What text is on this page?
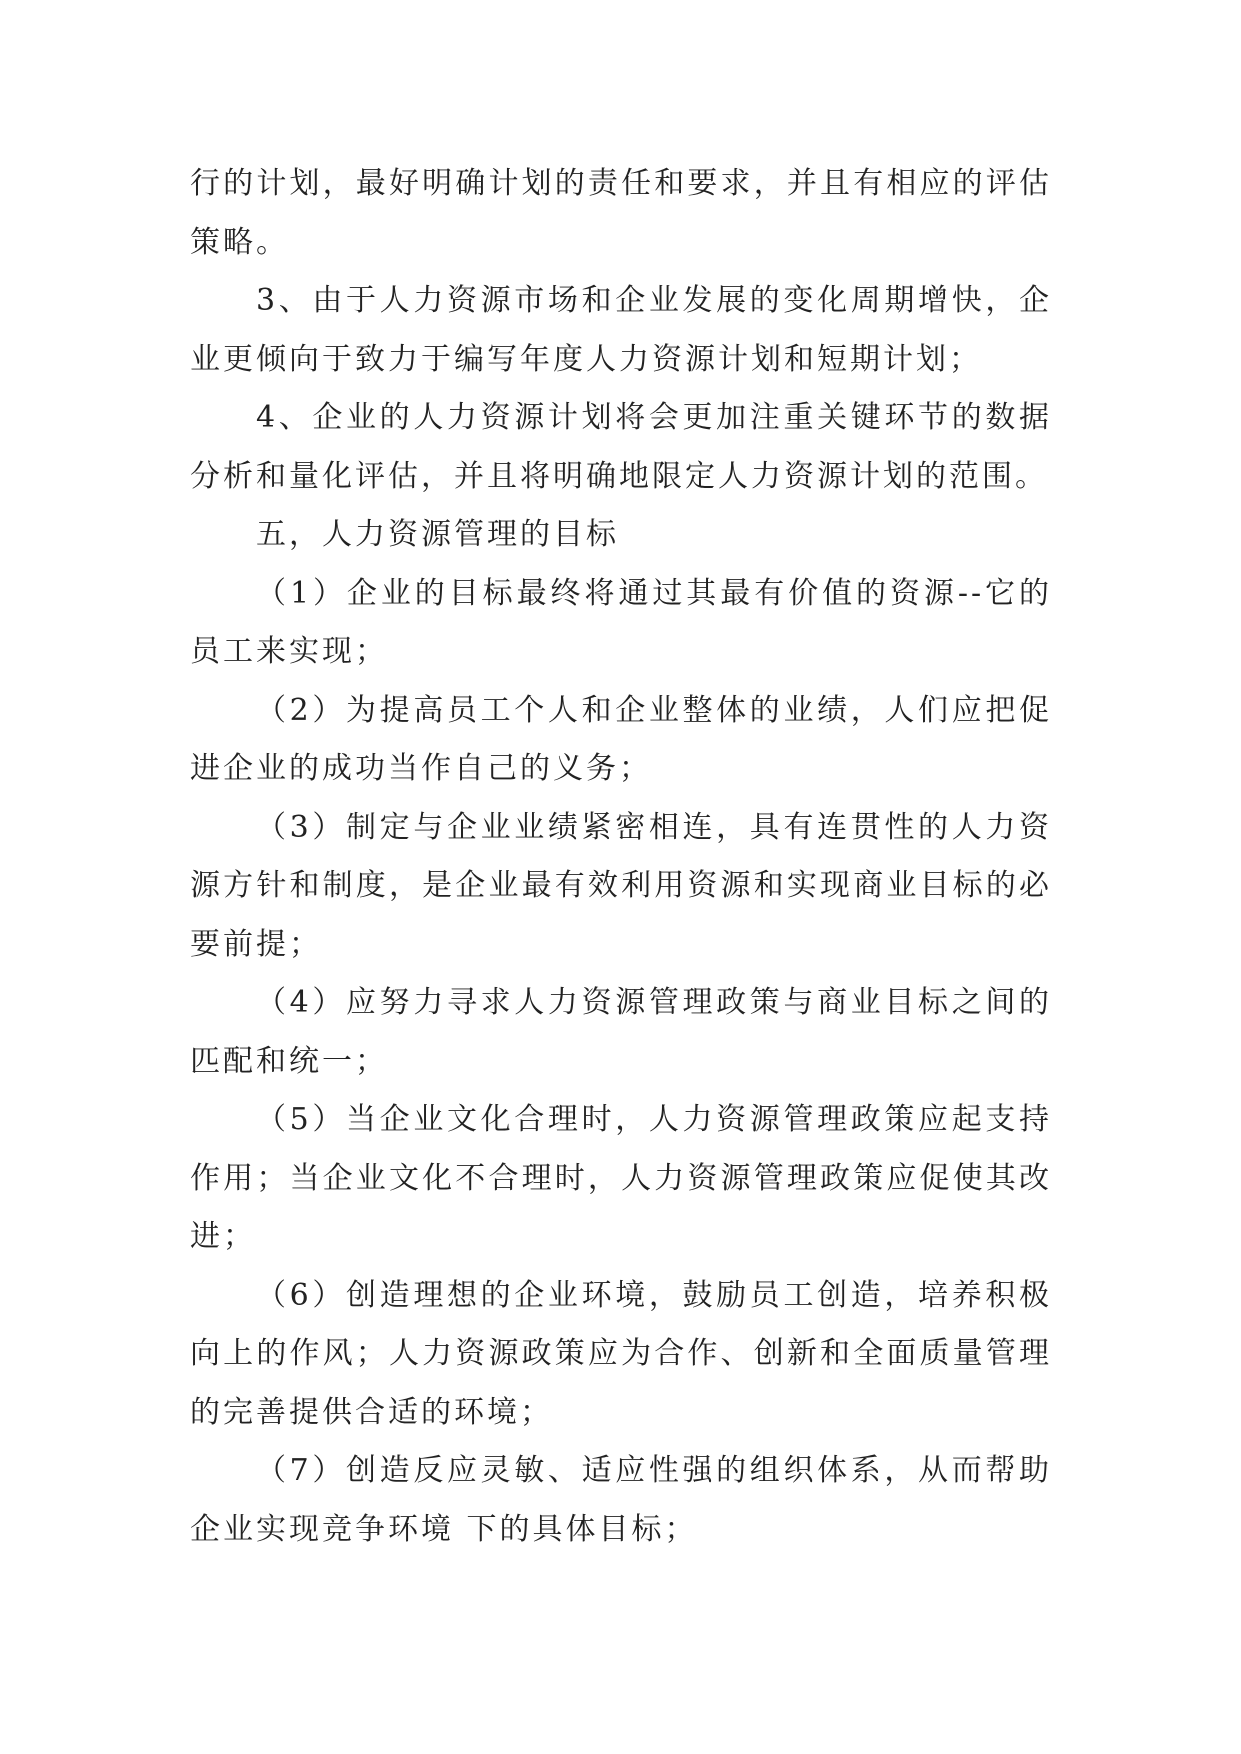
行的计划，最好明确计划的责任和要求，并且有相应的评估策略。

3、由于人力资源市场和企业发展的变化周期增快，企业更倾向于致力于编写年度人力资源计划和短期计划；

4、企业的人力资源计划将会更加注重关键环节的数据分析和量化评估，并且将明确地限定人力资源计划的范围。

五，人力资源管理的目标

（1）企业的目标最终将通过其最有价值的资源--它的员工来实现；

（2）为提高员工个人和企业整体的业绩，人们应把促进企业的成功当作自己的义务；

（3）制定与企业业绩紧密相连，具有连贯性的人力资源方针和制度，是企业最有效利用资源和实现商业目标的必要前提；

（4）应努力寻求人力资源管理政策与商业目标之间的匹配和统一；

（5）当企业文化合理时，人力资源管理政策应起支持作用；当企业文化不合理时，人力资源管理政策应促使其改进；

（6）创造理想的企业环境，鼓励员工创造，培养积极向上的作风；人力资源政策应为合作、创新和全面质量管理的完善提供合适的环境；

（7）创造反应灵敏、适应性强的组织体系，从而帮助企业实现竞争环境 下的具体目标；
